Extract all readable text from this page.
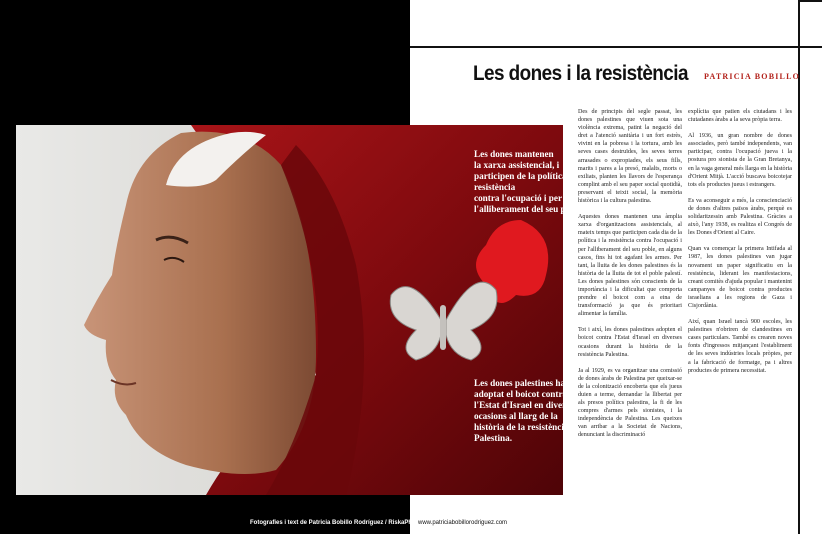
Les dones i la resistència PATRICIA BOBILLO
Les dones mantenen
la xarxa assistencial, i
participen de la política i la
resistència
contra l'ocupació i per
l'alliberament del seu poble
Les dones palestines han
adoptat el boicot contra
l'Estat d'Israel en diverses
ocasions al llarg de la
història de la resistència
Palestina.

Des de principis del segle passat, les dones palestines que viuen sota una violència extrema, patint la negació del dret a l'atenció sanitària i un fort estrès, vivint en la pobresa i la tortura, amb les seves cases destruïdes, les seves terres arrasades o expropiades, els seus fills, marits i pares a la presó, malalts, morts o exiliats, planten les llavors de l'esperança complint amb el seu paper social quotidià, preservant el teixit social, la memòria històrica i la cultura palestina.

Aquestes dones mantenen una àmplia xarxa d'organitzacions assistencials, al mateix temps que participen cada dia de la política i la resistència contra l'ocupació i per l'alliberament del seu poble, en alguns casos, fins hi tot agafant les armes. Per tant, la lluita de les dones palestines és la història de la lluita de tot el poble palestí. Les dones palestines són conscients de la importància i la dificultat que comporta prendre el boicot com a eina de transformació ja que és prioritari alimentar la família.

Tot i així, les dones palestines adopten el boicot contra l'Estat d'Israel en diverses ocasions durant la història de la resistència Palestina.

Ja al 1929, es va organitzar una comissió de dones àrabs de Palestina per queixar-se de la colonització encoberta que els jueus duien a terme, demandar la llibertat per als presos polítics palestins, la fi de les compres d'armes pels sionistes, i la independència de Palestina. Les queixes van arribar a la Societat de Nacions, denunciant la discriminació

explícita que patien els ciutadans i les ciutadanes àrabs a la seva pròpia terra.

Al 1936, un gran nombre de dones associades, però també independents, van participar, contra l'ocupació jueva i la postura pro sionista de la Gran Bretanya, en la vaga general més llarga en la història d'Orient Mitjà. L'acció buscava boicotejar tots els productes jueus i estrangers.

Es va aconseguir a més, la conscienciació de dones d'altres països àrabs, perquè es solidaritzessin amb Palestina. Gràcies a això, l'any 1938, es realitza el Congrés de les Dones d'Orient al Caire.

Quan va començar la primera Intifada al 1987, les dones palestines van jugar novament un paper significatiu en la resistència, liderant les manifestacions, creant comitès d'ajuda popular i mantenint campanyes de boicot contra productes israelians a les regions de Gaza i Cisjordània.

Així, quan Israel tancà 900 escoles, les palestines n'obriren de clandestines en cases particulars. També es crearen noves fonts d'ingressos mitjançant l'establiment de les seves indústries locals pròpies, per a la fabricació de formatge, pa i altres productes de primera necessitat.

Fotografies i text de Patricia Bobillo Rodríguez / RiskaPhoto
www.patriciabobillorodriguez.com
